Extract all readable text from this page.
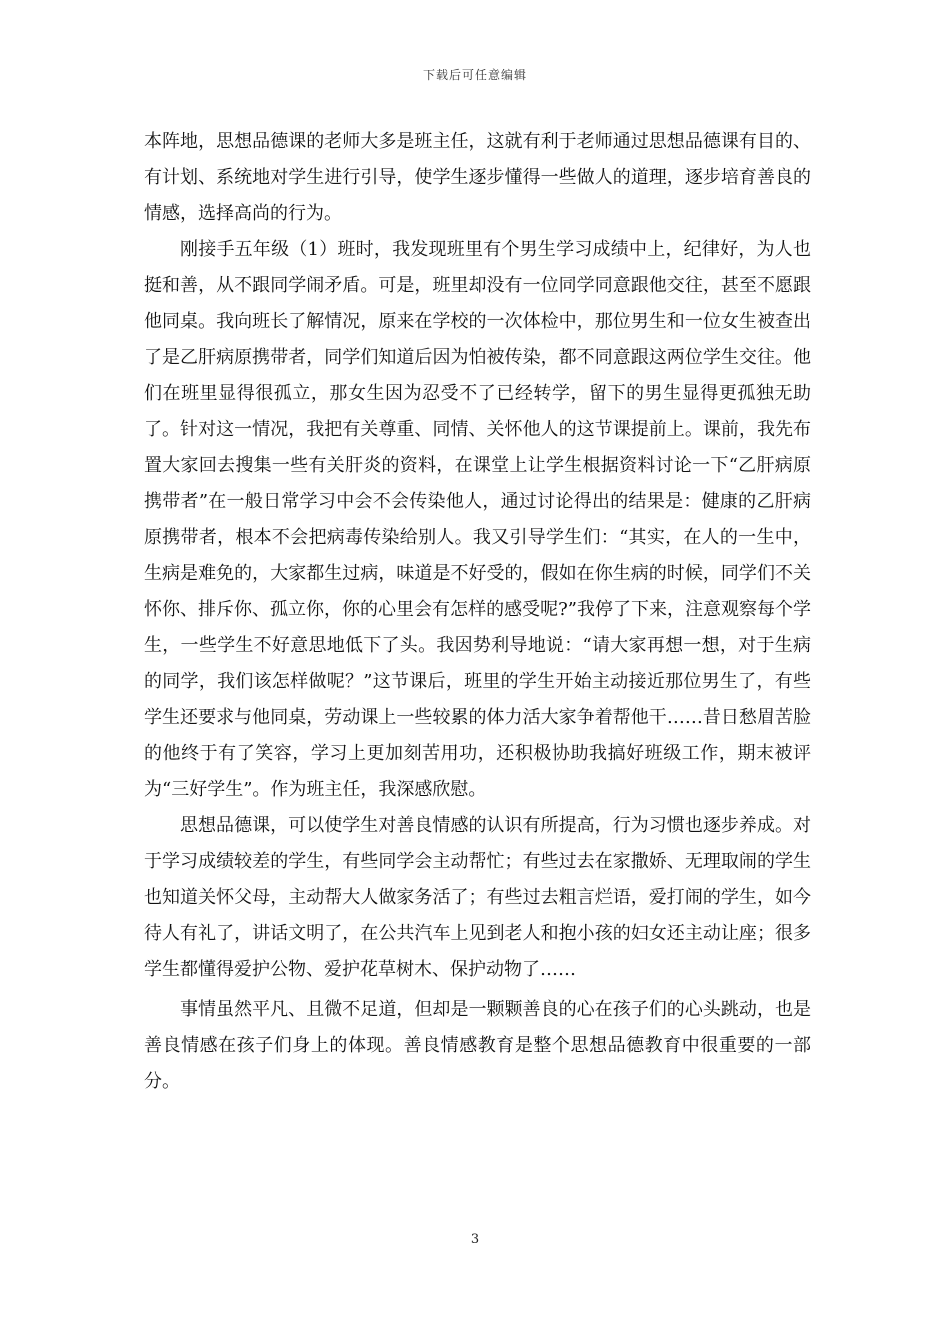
下载后可任意编辑

本阵地，思想品德课的老师大多是班主任，这就有利于老师通过思想品德课有目的、有计划、系统地对学生进行引导，使学生逐步懂得一些做人的道理，逐步培育善良的情感，选择高尚的行为。

刚接手五年级（1）班时，我发现班里有个男生学习成绩中上，纪律好，为人也挺和善，从不跟同学闹矛盾。可是，班里却没有一位同学同意跟他交往，甚至不愿跟他同桌。我向班长了解情况，原来在学校的一次体检中，那位男生和一位女生被查出了是乙肝病原携带者，同学们知道后因为怕被传染，都不同意跟这两位学生交往。他们在班里显得很孤立，那女生因为忍受不了已经转学，留下的男生显得更孤独无助了。针对这一情况，我把有关尊重、同情、关怀他人的这节课提前上。课前，我先布置大家回去搜集一些有关肝炎的资料，在课堂上让学生根据资料讨论一下“乙肝病原携带者”在一般日常学习中会不会传染他人，通过讨论得出的结果是：健康的乙肝病原携带者，根本不会把病毒传染给别人。我又引导学生们：“其实，在人的一生中，生病是难免的，大家都生过病，味道是不好受的，假如在你生病的时候，同学们不关怀你、排斥你、孤立你，你的心里会有怎样的感受呢?”我停了下来，注意观察每个学生，一些学生不好意思地低下了头。我因势利导地说：“请大家再想一想，对于生病的同学，我们该怎样做呢？”这节课后，班里的学生开始主动接近那位男生了，有些学生还要求与他同桌，劳动课上一些较累的体力活大家争着帮他干……昔日愁眉苦脸的他终于有了笑容，学习上更加刻苦用功，还积极协助我搞好班级工作，期末被评为“三好学生”。作为班主任，我深感欣慰。

思想品德课，可以使学生对善良情感的认识有所提高，行为习惯也逐步养成。对于学习成绩较差的学生，有些同学会主动帮忙；有些过去在家撒娇、无理取闹的学生也知道关怀父母，主动帮大人做家务活了；有些过去粗言烂语，爱打闹的学生，如今待人有礼了，讲话文明了，在公共汽车上见到老人和抱小孩的妇女还主动让座；很多学生都懂得爱护公物、爱护花草树木、保护动物了……

事情虽然平凡、且微不足道，但却是一颗颗善良的心在孩子们的心头跳动，也是善良情感在孩子们身上的体现。善良情感教育是整个思想品德教育中很重要的一部分。

3
